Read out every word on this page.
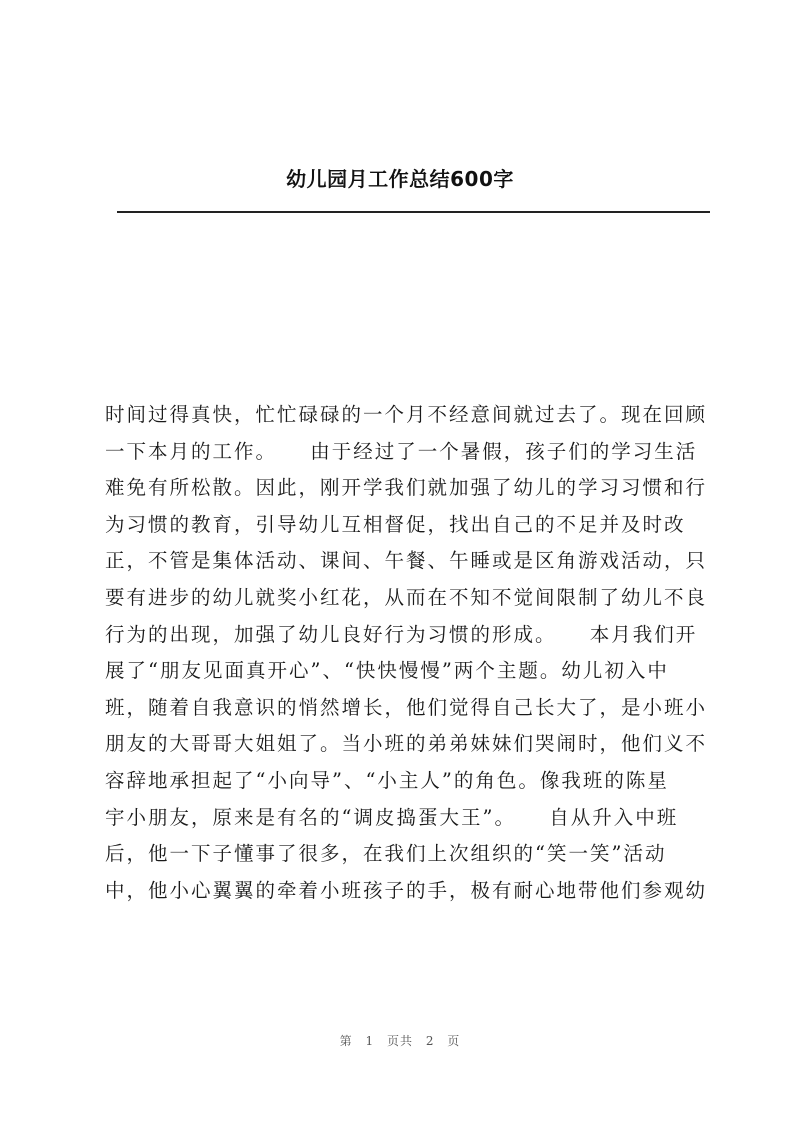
幼儿园月工作总结600字
时间过得真快，忙忙碌碌的一个月不经意间就过去了。现在回顾
一下本月的工作。　　由于经过了一个暑假，孩子们的学习生活
难免有所松散。因此，刚开学我们就加强了幼儿的学习习惯和行
为习惯的教育，引导幼儿互相督促，找出自己的不足并及时改
正，不管是集体活动、课间、午餐、午睡或是区角游戏活动，只
要有进步的幼儿就奖小红花，从而在不知不觉间限制了幼儿不良
行为的出现，加强了幼儿良好行为习惯的形成。　　本月我们开
展了“朋友见面真开心”、“快快慢慢”两个主题。幼儿初入中
班，随着自我意识的悄然增长，他们觉得自己长大了，是小班小
朋友的大哥哥大姐姐了。当小班的弟弟妹妹们哭闹时，他们义不
容辞地承担起了“小向导”、“小主人”的角色。像我班的陈星
宇小朋友，原来是有名的“调皮捣蛋大王”。　　自从升入中班
后，他一下子懂事了很多，在我们上次组织的“笑一笑”活动
中，他小心翼翼的牵着小班孩子的手，极有耐心地带他们参观幼
第 1 页共 2 页
